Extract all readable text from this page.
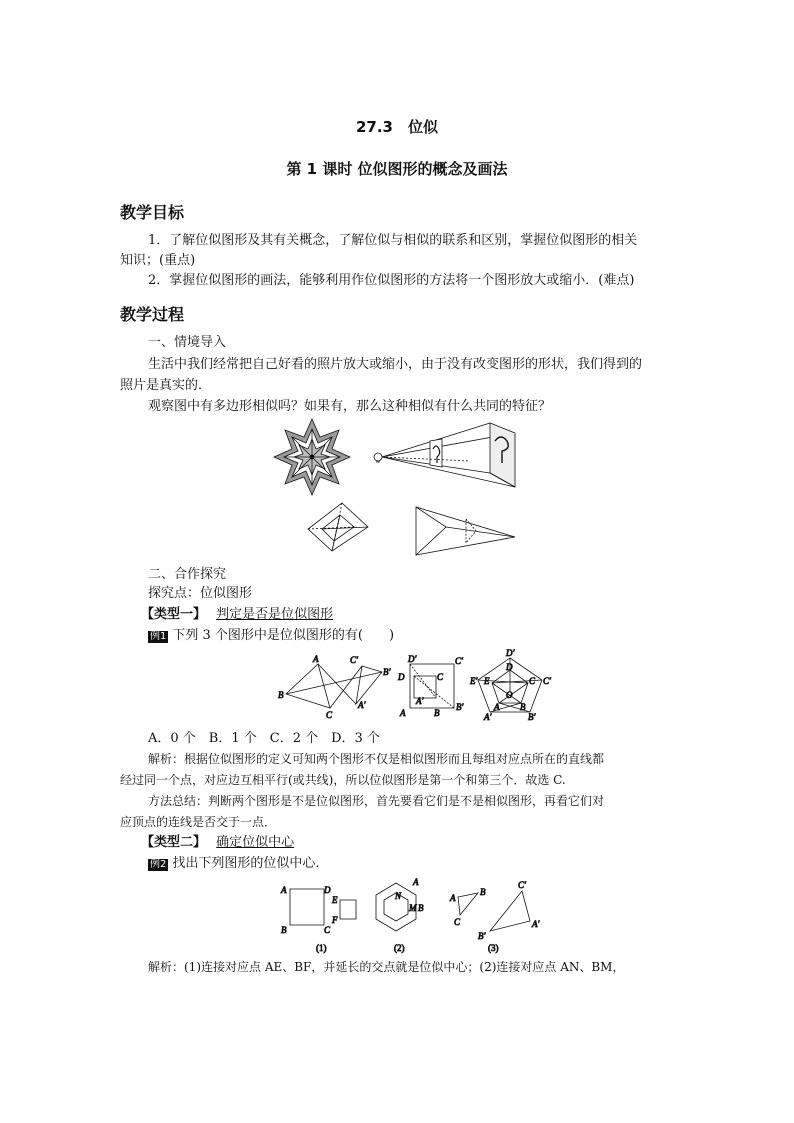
27.3　位似
第 1 课时 位似图形的概念及画法
教学目标
1．了解位似图形及其有关概念，了解位似与相似的联系和区别，掌握位似图形的相关
知识；(重点)
2．掌握位似图形的画法，能够利用作位似图形的方法将一个图形放大或缩小．(难点)
教学过程
一、情境导入
生活中我们经常把自己好看的照片放大或缩小，由于没有改变图形的形状，我们得到的
照片是真实的．
观察图中有多边形相似吗？如果有，那么这种相似有什么共同的特征？
二、合作探究
探究点：位似图形
【类型一】 判定是否是位似图形
例1 下列 3 个图形中是位似图形的有(　　)
A
B
C
A′
B′
C′	D′	C′
D	C
A′
A	B
B′
D′
D
E′ E	C C′
O
A B
A′	B′
A．0 个　B．1 个　C．2 个　D．3 个
解析：根据位似图形的定义可知两个图形不仅是相似图形而且每组对应点所在的直线都
经过同一个点，对应边互相平行(或共线)，所以位似图形是第一个和第三个．故选 C.
方法总结：判断两个图形是不是位似图形，首先要看它们是不是相似图形，再看它们对
应顶点的连线是否交于一点．
【类型二】 确定位似中心
例2 找出下列图形的位似中心．
A
B
D
C
E
F
(1)
A
B
N
M
(2)
A
B
C
C′
A′
B′
(3)
解析：(1)连接对应点 AE、BF，并延长的交点就是位似中心；(2)连接对应点 AN、BM，
